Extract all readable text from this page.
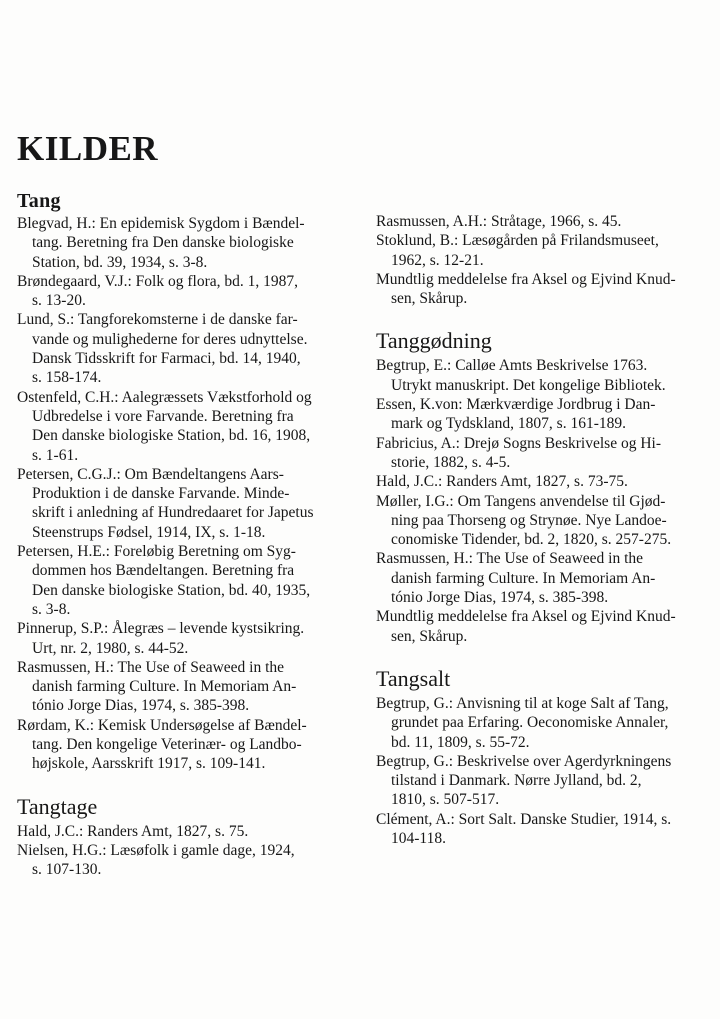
KILDER
Tang
Blegvad, H.: En epidemisk Sygdom i Bændel-
tang. Beretning fra Den danske biologiske
Station, bd. 39, 1934, s. 3-8.
Brøndegaard, V.J.: Folk og flora, bd. 1, 1987,
s. 13-20.
Lund, S.: Tangforekomsterne i de danske far-
vande og mulighederne for deres udnyttelse.
Dansk Tidsskrift for Farmaci, bd. 14, 1940,
s. 158-174.
Ostenfeld, C.H.: Aalegræssets Vækstforhold og
Udbredelse i vore Farvande. Beretning fra
Den danske biologiske Station, bd. 16, 1908,
s. 1-61.
Petersen, C.G.J.: Om Bændeltangens Aars-
Produktion i de danske Farvande. Minde-
skrift i anledning af Hundredaaret for Japetus
Steenstrups Fødsel, 1914, IX, s. 1-18.
Petersen, H.E.: Foreløbig Beretning om Syg-
dommen hos Bændeltangen. Beretning fra
Den danske biologiske Station, bd. 40, 1935,
s. 3-8.
Pinnerup, S.P.: Ålegræs – levende kystsikring.
Urt, nr. 2, 1980, s. 44-52.
Rasmussen, H.: The Use of Seaweed in the
danish farming Culture. In Memoriam An-
tónio Jorge Dias, 1974, s. 385-398.
Rørdam, K.: Kemisk Undersøgelse af Bændel-
tang. Den kongelige Veterinær- og Landbo-
højskole, Aarsskrift 1917, s. 109-141.
Tangtage
Hald, J.C.: Randers Amt, 1827, s. 75.
Nielsen, H.G.: Læsøfolk i gamle dage, 1924,
s. 107-130.
Rasmussen, A.H.: Stråtage, 1966, s. 45.
Stoklund, B.: Læsøgården på Frilandsmuseet,
1962, s. 12-21.
Mundtlig meddelelse fra Aksel og Ejvind Knud-
sen, Skårup.
Tanggødning
Begtrup, E.: Calløe Amts Beskrivelse 1763.
Utrykt manuskript. Det kongelige Bibliotek.
Essen, K.von: Mærkværdige Jordbrug i Dan-
mark og Tydskland, 1807, s. 161-189.
Fabricius, A.: Drejø Sogns Beskrivelse og Hi-
storie, 1882, s. 4-5.
Hald, J.C.: Randers Amt, 1827, s. 73-75.
Møller, I.G.: Om Tangens anvendelse til Gjød-
ning paa Thorseng og Strynøe. Nye Landoe-
conomiske Tidender, bd. 2, 1820, s. 257-275.
Rasmussen, H.: The Use of Seaweed in the
danish farming Culture. In Memoriam An-
tónio Jorge Dias, 1974, s. 385-398.
Mundtlig meddelelse fra Aksel og Ejvind Knud-
sen, Skårup.
Tangsalt
Begtrup, G.: Anvisning til at koge Salt af Tang,
grundet paa Erfaring. Oeconomiske Annaler,
bd. 11, 1809, s. 55-72.
Begtrup, G.: Beskrivelse over Agerdyrkningens
tilstand i Danmark. Nørre Jylland, bd. 2,
1810, s. 507-517.
Clément, A.: Sort Salt. Danske Studier, 1914, s.
104-118.
